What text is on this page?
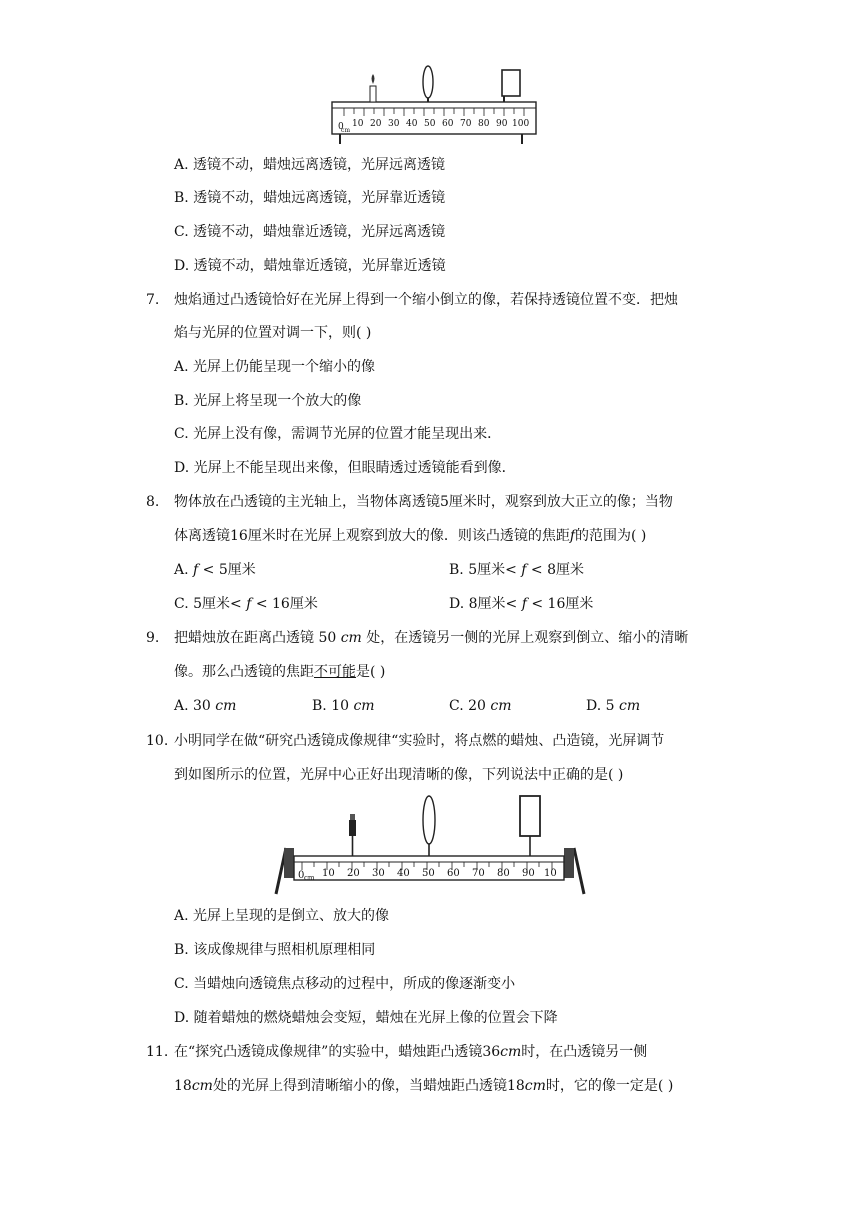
0
cm
10 20 30 40 50 60 70 80 90 100
A. 透镜不动，蜡烛远离透镜，光屏远离透镜
B. 透镜不动，蜡烛远离透镜，光屏靠近透镜
C. 透镜不动，蜡烛靠近透镜，光屏远离透镜
D. 透镜不动，蜡烛靠近透镜，光屏靠近透镜
7. 烛焰通过凸透镜恰好在光屏上得到一个缩小倒立的像，若保持透镜位置不变．把烛
焰与光屏的位置对调一下，则( )
A. 光屏上仍能呈现一个缩小的像
B. 光屏上将呈现一个放大的像
C. 光屏上没有像，需调节光屏的位置才能呈现出来．
D. 光屏上不能呈现出来像，但眼睛透过透镜能看到像．
8. 物体放在凸透镜的主光轴上，当物体离透镜5厘米时，观察到放大正立的像；当物
体离透镜16厘米时在光屏上观察到放大的像．则该凸透镜的焦距f的范围为( )
A. f < 5厘米	B. 5厘米< f < 8厘米
C. 5厘米< f < 16厘米	D. 8厘米< f < 16厘米
9. 把蜡烛放在距离凸透镜 50 cm 处，在透镜另一侧的光屏上观察到倒立、缩小的清晰
像。那么凸透镜的焦距不可能是( )
A. 30 cm	B. 10 cm	C. 20 cm	D. 5 cm
10. 小明同学在做“研究凸透镜成像规律“实验时，将点燃的蜡烛、凸造镜，光屏调节
到如图所示的位置，光屏中心正好出现清晰的像，下列说法中正确的是( )
0 cm 10 20 30 40 50 60 70 80 90 10
A. 光屏上呈现的是倒立、放大的像
B. 该成像规律与照相机原理相同
C. 当蜡烛向透镜焦点移动的过程中，所成的像逐渐变小
D. 随着蜡烛的燃烧蜡烛会变短，蜡烛在光屏上像的位置会下降
11. 在“探究凸透镜成像规律”的实验中，蜡烛距凸透镜36cm时，在凸透镜另一侧
18cm处的光屏上得到清晰缩小的像，当蜡烛距凸透镜18cm时，它的像一定是( )
